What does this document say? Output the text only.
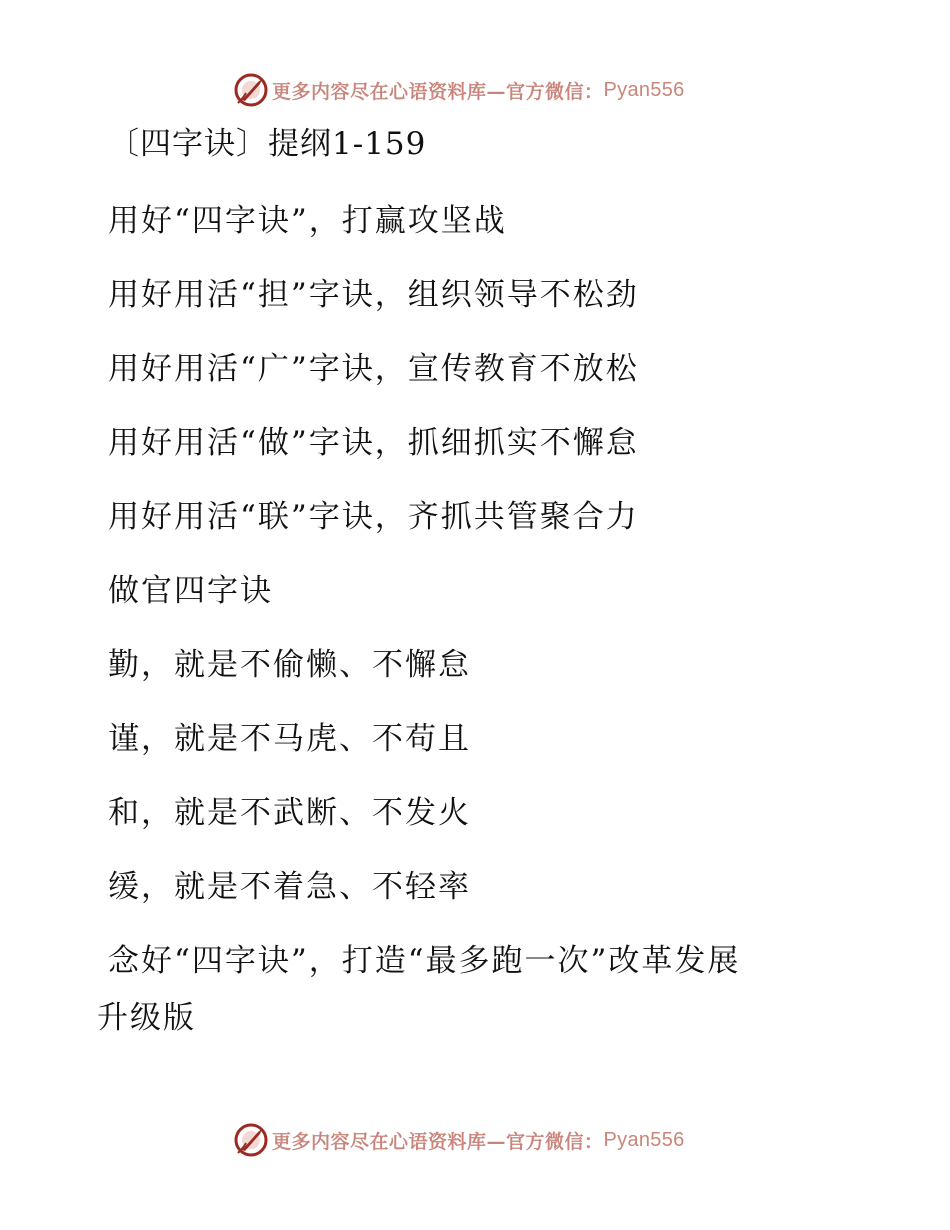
更多内容尽在心语资料库—官方微信： Pyan556
〔四字诀〕提纲1-159
用好“四字诀”，打赢攻坚战
用好用活“担”字诀，组织领导不松劲
用好用活“广”字诀，宣传教育不放松
用好用活“做”字诀，抓细抓实不懈怠
用好用活“联”字诀，齐抓共管聚合力
做官四字诀
勤，就是不偷懒、不懈怠
谨，就是不马虎、不苟且
和，就是不武断、不发火
缓，就是不着急、不轻率
念好“四字诀”，打造“最多跑一次”改革发展
升级版
更多内容尽在心语资料库—官方微信： Pyan556
